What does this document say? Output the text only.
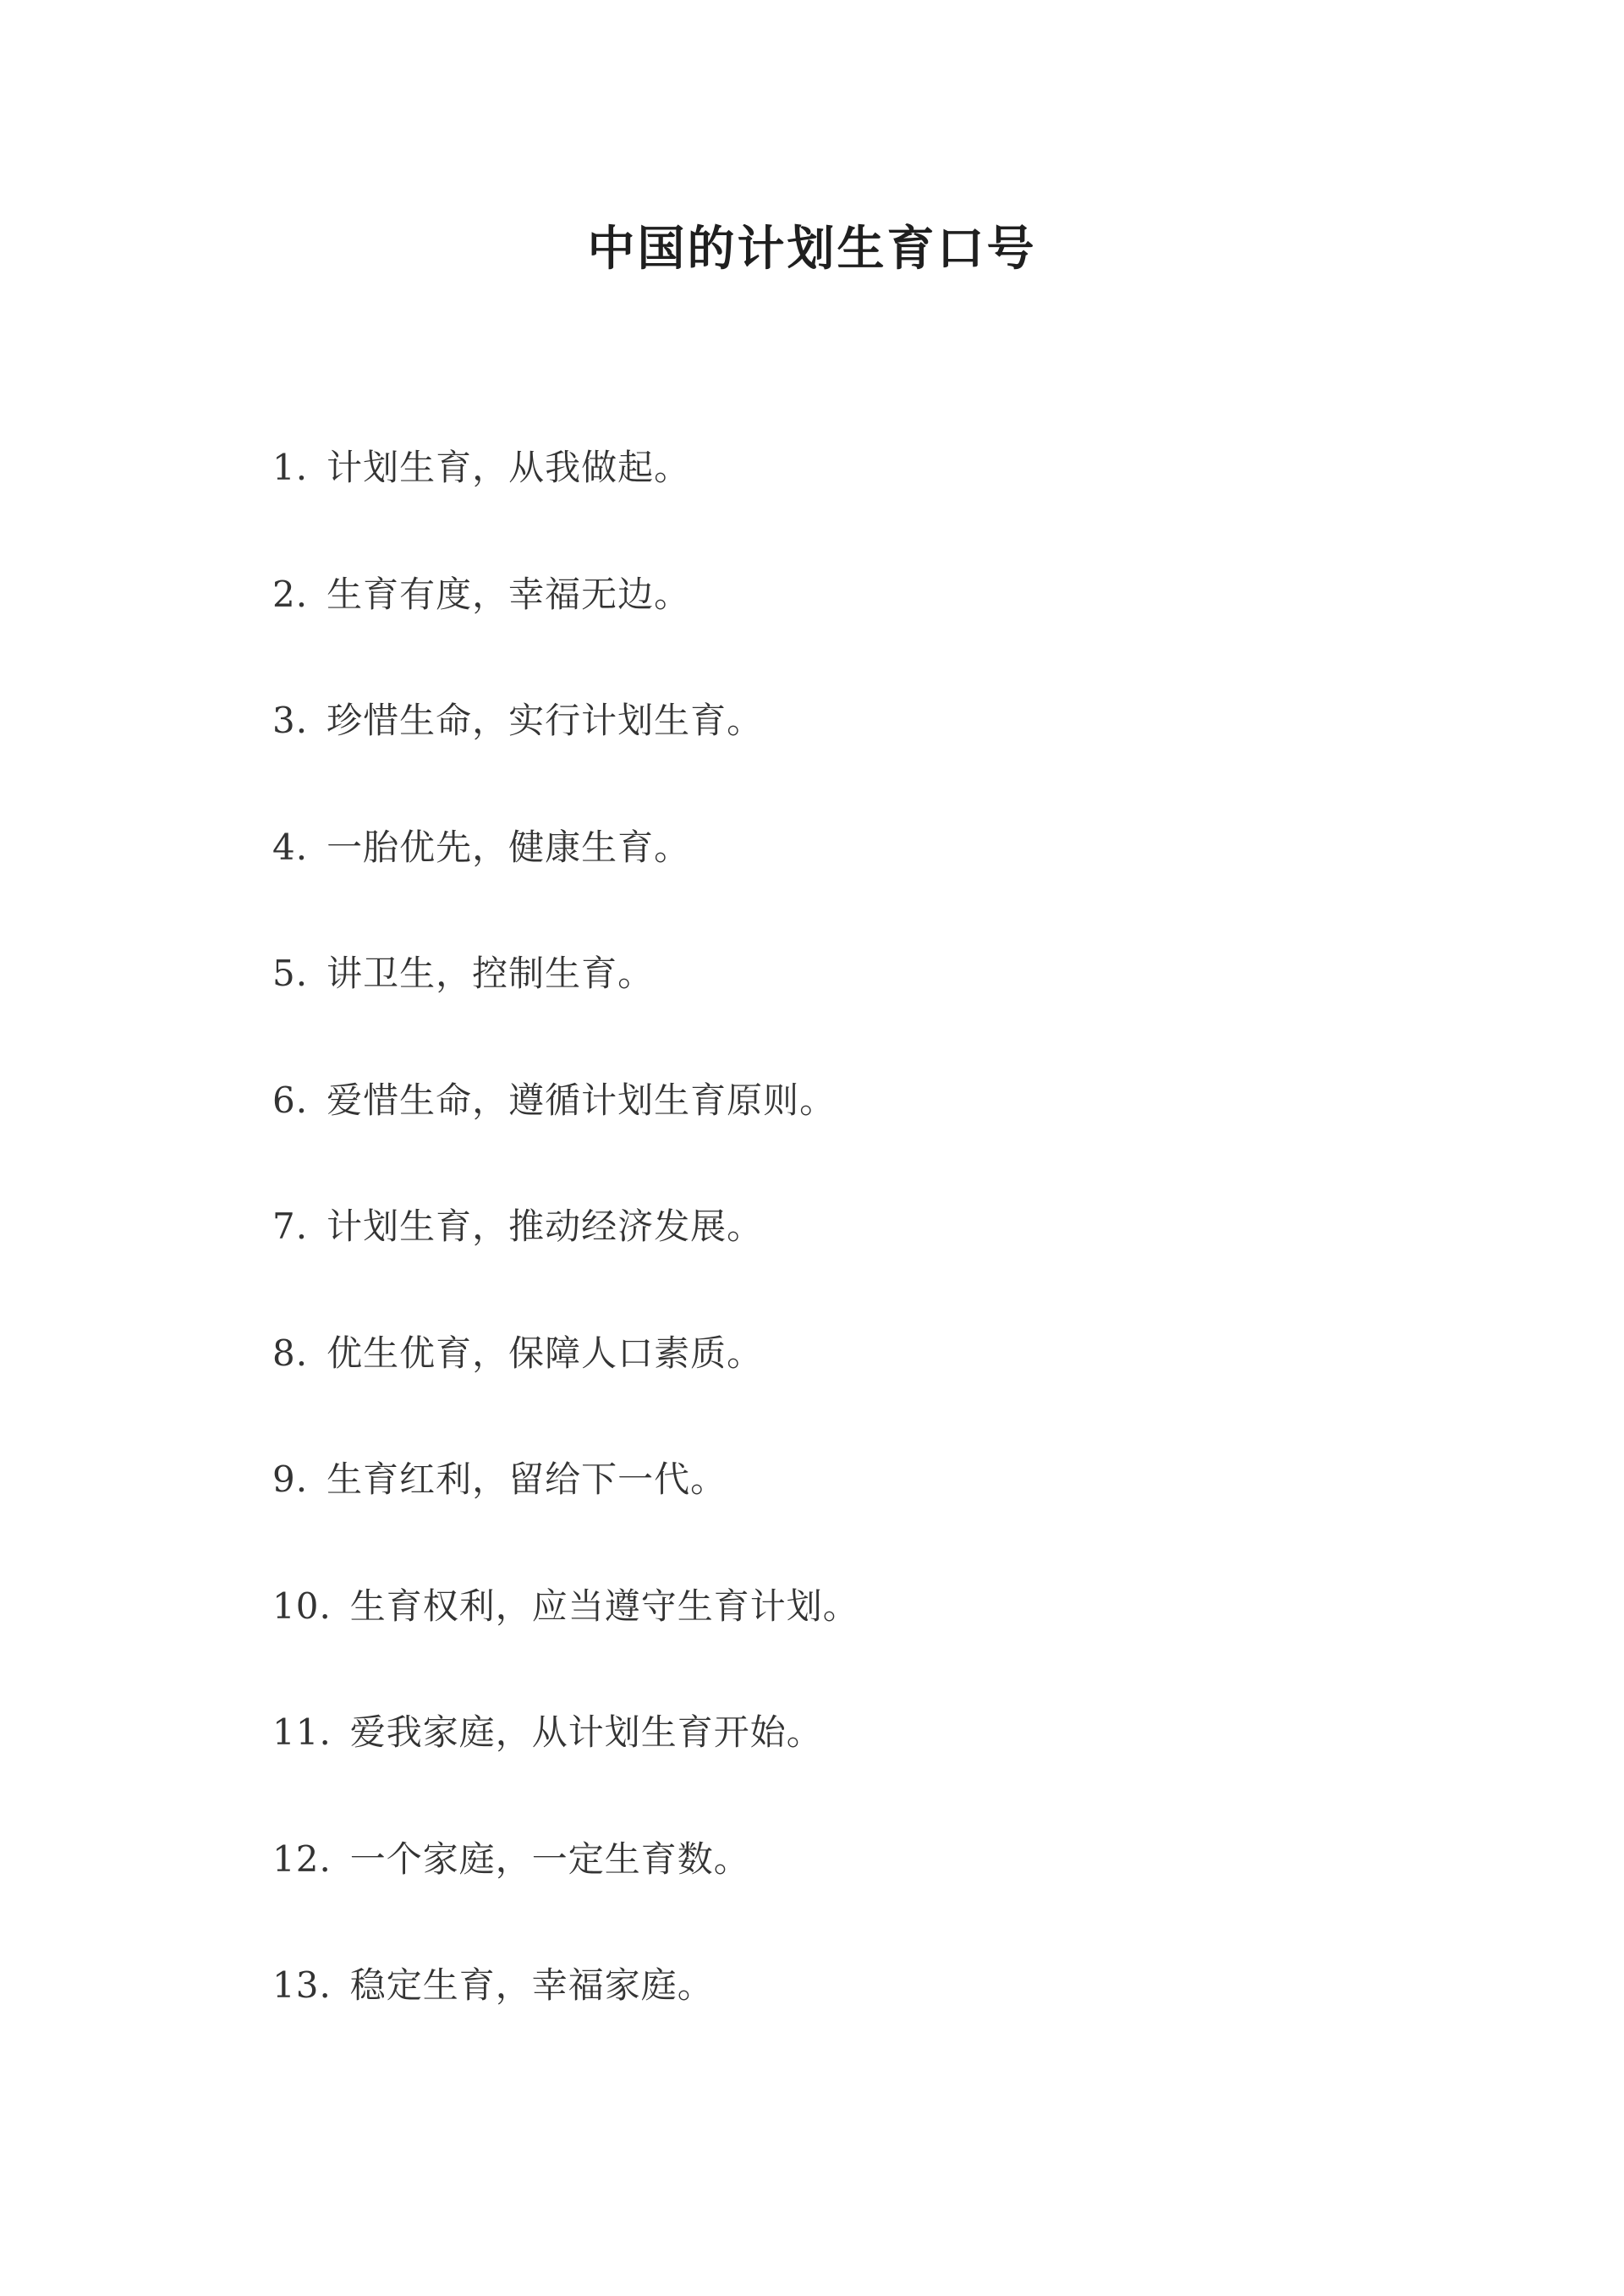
中国的计划生育口号
1. 计划生育，从我做起。
2. 生育有度，幸福无边。
3. 珍惜生命，实行计划生育。
4. 一胎优先，健康生育。
5. 讲卫生，控制生育。
6. 爱惜生命，遵循计划生育原则。
7. 计划生育，推动经济发展。
8. 优生优育，保障人口素质。
9. 生育红利，留给下一代。
10. 生育权利，应当遵守生育计划。
11. 爱我家庭，从计划生育开始。
12. 一个家庭，一定生育数。
13. 稳定生育，幸福家庭。
